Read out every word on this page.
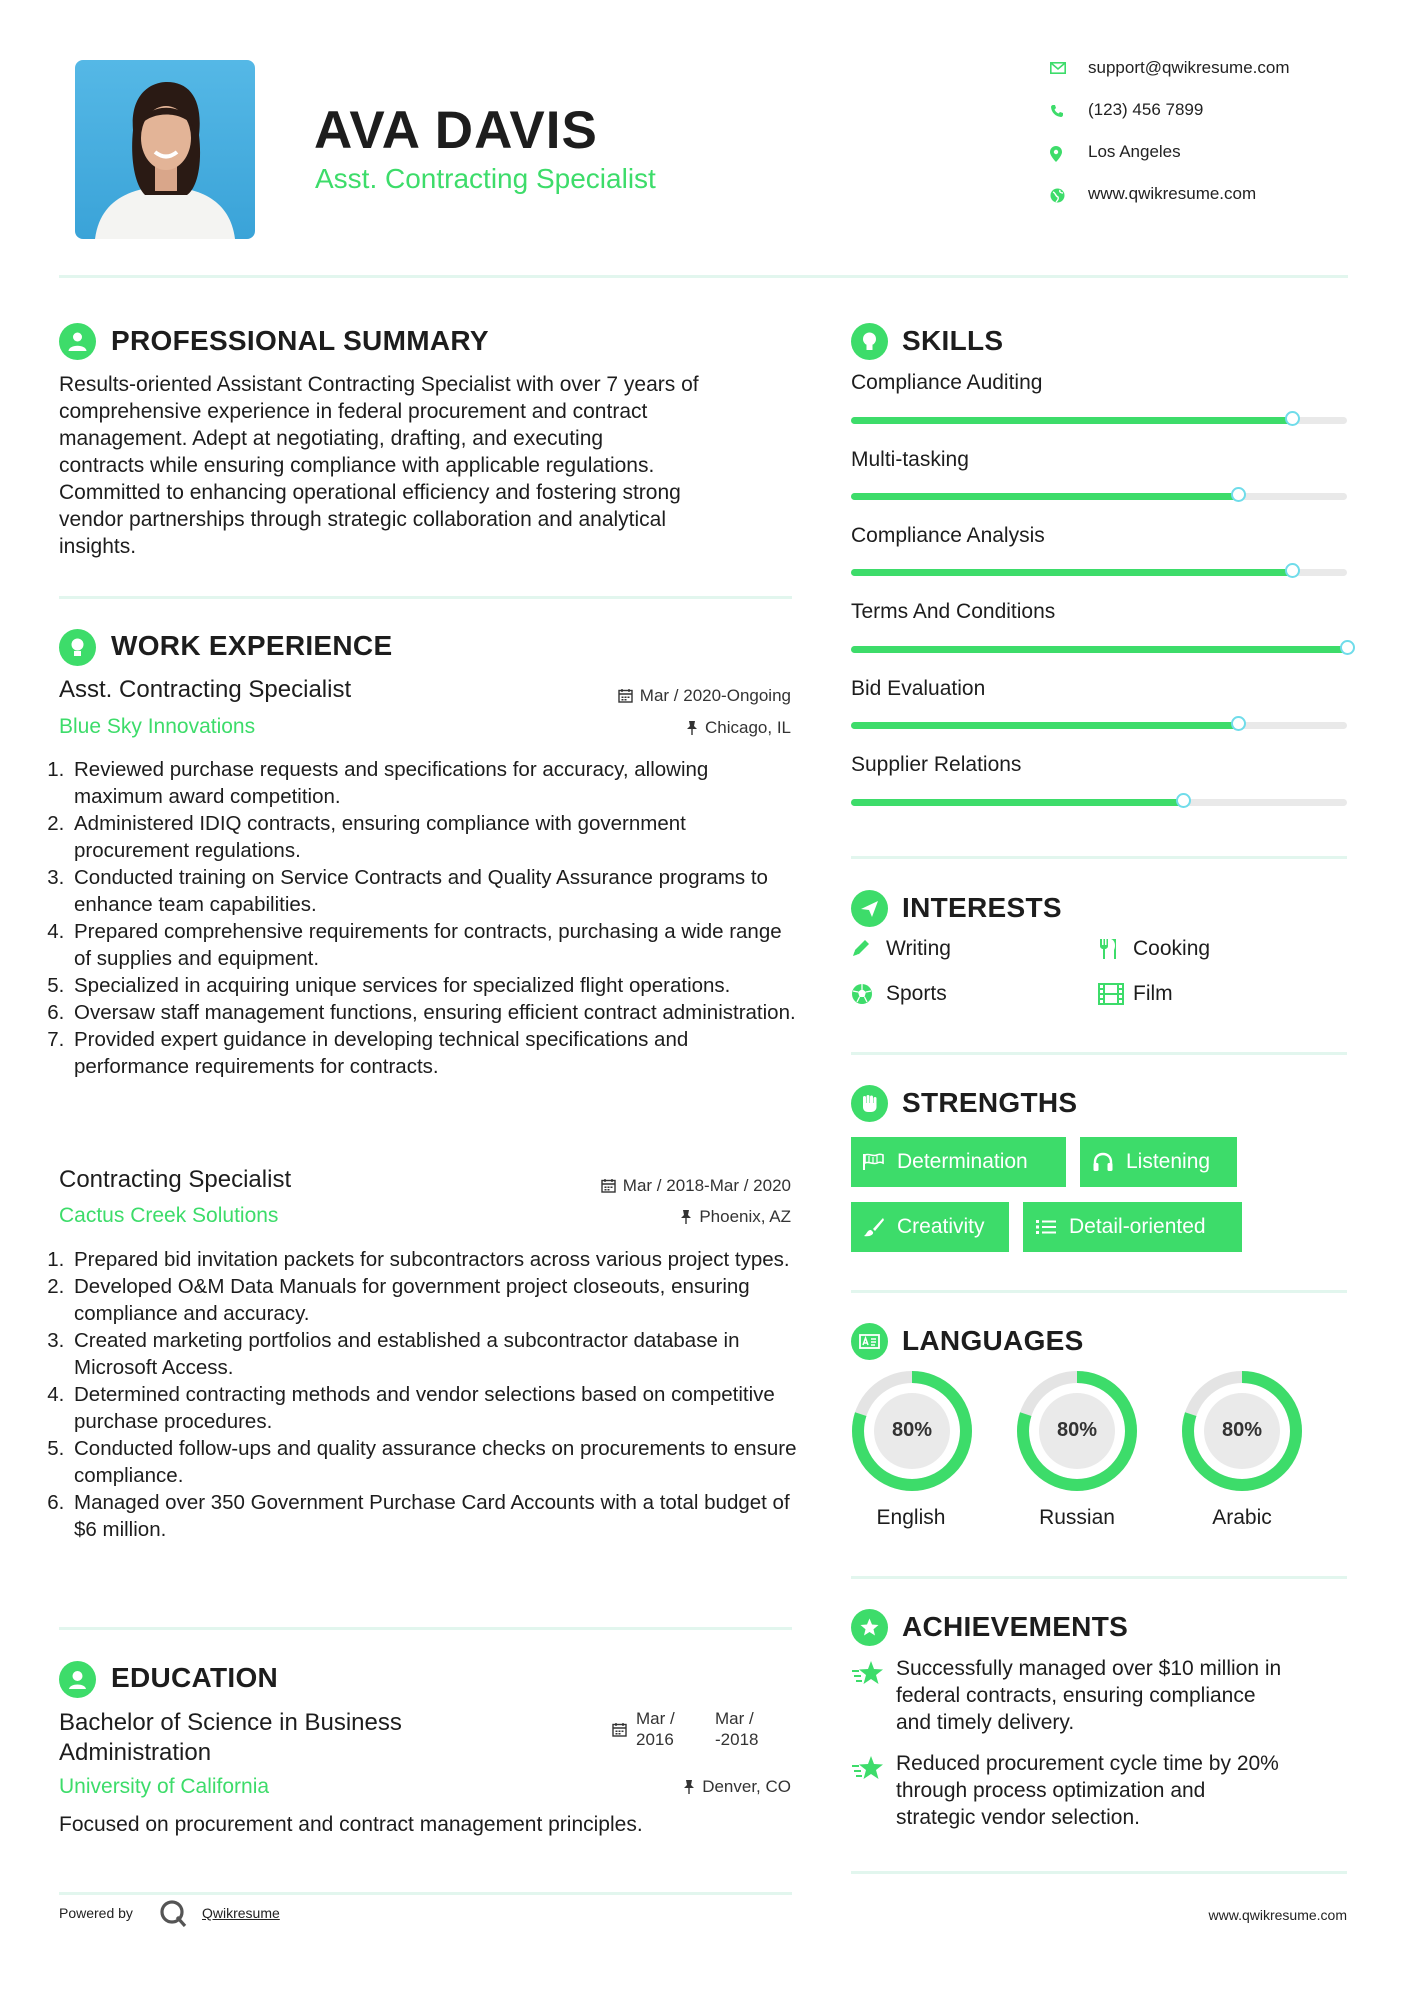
AVA DAVIS
Asst. Contracting Specialist
support@qwikresume.com
(123) 456 7899
Los Angeles
www.qwikresume.com
PROFESSIONAL SUMMARY
Results-oriented Assistant Contracting Specialist with over 7 years of
comprehensive experience in federal procurement and contract
management. Adept at negotiating, drafting, and executing
contracts while ensuring compliance with applicable regulations.
Committed to enhancing operational efficiency and fostering strong
vendor partnerships through strategic collaboration and analytical
insights.
WORK EXPERIENCE
Asst. Contracting Specialist
Blue Sky Innovations
Mar / 2020-Ongoing
Chicago, IL
1. Reviewed purchase requests and specifications for accuracy, allowing maximum award competition.
2. Administered IDIQ contracts, ensuring compliance with government procurement regulations.
3. Conducted training on Service Contracts and Quality Assurance programs to enhance team capabilities.
4. Prepared comprehensive requirements for contracts, purchasing a wide range of supplies and equipment.
5. Specialized in acquiring unique services for specialized flight operations.
6. Oversaw staff management functions, ensuring efficient contract administration.
7. Provided expert guidance in developing technical specifications and performance requirements for contracts.
Contracting Specialist
Cactus Creek Solutions
Mar / 2018-Mar / 2020
Phoenix, AZ
1. Prepared bid invitation packets for subcontractors across various project types.
2. Developed O&M Data Manuals for government project closeouts, ensuring compliance and accuracy.
3. Created marketing portfolios and established a subcontractor database in Microsoft Access.
4. Determined contracting methods and vendor selections based on competitive purchase procedures.
5. Conducted follow-ups and quality assurance checks on procurements to ensure compliance.
6. Managed over 350 Government Purchase Card Accounts with a total budget of $6 million.
EDUCATION
Bachelor of Science in Business
Administration
Mar /
2016
Mar /
-2018
University of California	Denver, CO
Focused on procurement and contract management principles.
Powered by	Qwikresume
SKILLS
Compliance Auditing
Multi-tasking
Compliance Analysis
Terms And Conditions
Bid Evaluation
Supplier Relations
INTERESTS
Writing	Cooking
Sports	Film
STRENGTHS
Determination	Listening
Creativity	Detail-oriented
LANGUAGES
80%
English
80%
Russian
80%
Arabic
ACHIEVEMENTS
Successfully managed over $10 million in
federal contracts, ensuring compliance
and timely delivery.
Reduced procurement cycle time by 20%
through process optimization and
strategic vendor selection.
www.qwikresume.com
